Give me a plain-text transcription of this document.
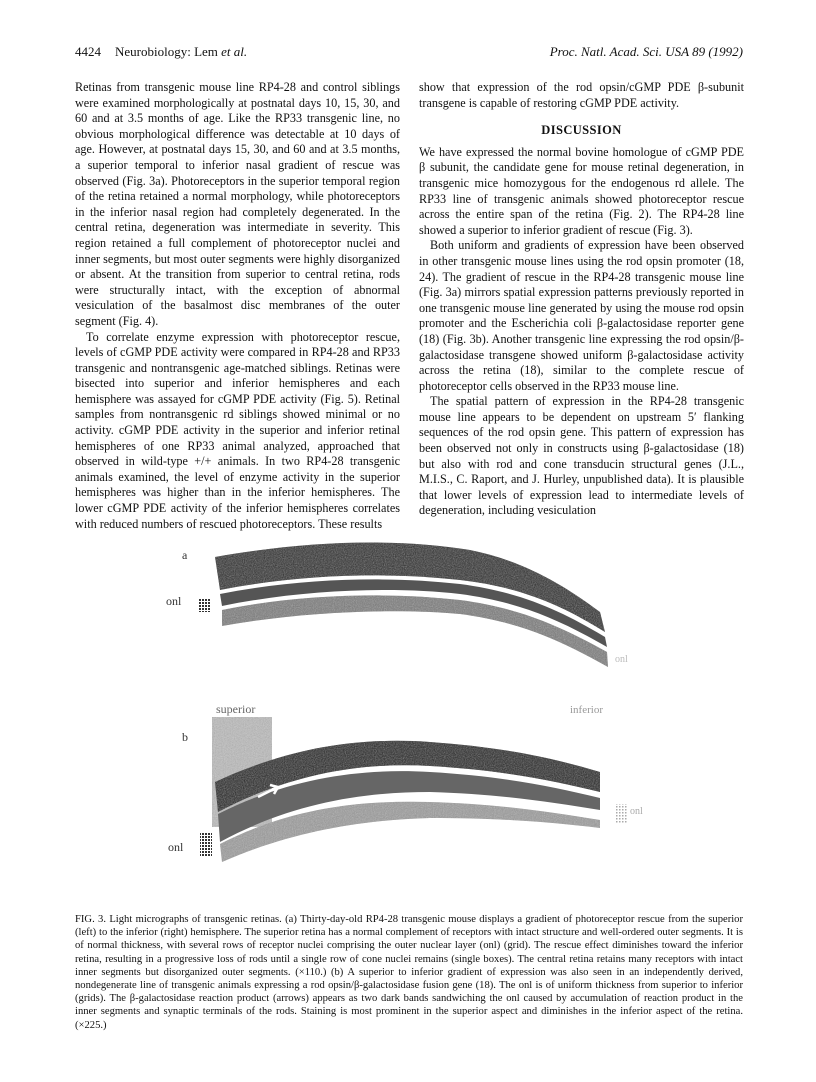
4424 Neurobiology: Lem et al.	Proc. Natl. Acad. Sci. USA 89 (1992)

Retinas from transgenic mouse line RP4-28 and control siblings were examined morphologically at postnatal days 10, 15, 30, and 60 and at 3.5 months of age. Like the RP33 transgenic line, no obvious morphological difference was detectable at 10 days of age. However, at postnatal days 15, 30, and 60 and at 3.5 months, a superior temporal to inferior nasal gradient of rescue was observed (Fig. 3a). Photoreceptors in the superior temporal region of the retina retained a normal morphology, while photoreceptors in the inferior nasal region had completely degenerated. In the central retina, degeneration was intermediate in severity. This region retained a full complement of photoreceptor nuclei and inner segments, but most outer segments were highly disorganized or absent. At the transition from superior to central retina, rods were structurally intact, with the exception of abnormal vesiculation of the basalmost disc membranes of the outer segment (Fig. 4).

To correlate enzyme expression with photoreceptor rescue, levels of cGMP PDE activity were compared in RP4-28 and RP33 transgenic and nontransgenic age-matched siblings. Retinas were bisected into superior and inferior hemispheres and each hemisphere was assayed for cGMP PDE activity (Fig. 5). Retinal samples from nontransgenic rd siblings showed minimal or no activity. cGMP PDE activity in the superior and inferior retinal hemispheres of one RP33 animal analyzed, approached that observed in wild-type +/+ animals. In two RP4-28 transgenic animals examined, the level of enzyme activity in the superior hemispheres was higher than in the inferior hemispheres. The lower cGMP PDE activity of the inferior hemispheres correlates with reduced numbers of rescued photoreceptors. These results

show that expression of the rod opsin/cGMP PDE β-subunit transgene is capable of restoring cGMP PDE activity.

DISCUSSION

We have expressed the normal bovine homologue of cGMP PDE β subunit, the candidate gene for mouse retinal degeneration, in transgenic mice homozygous for the endogenous rd allele. The RP33 line of transgenic animals showed photoreceptor rescue across the entire span of the retina (Fig. 2). The RP4-28 line showed a superior to inferior gradient of rescue (Fig. 3).

Both uniform and gradients of expression have been observed in other transgenic mouse lines using the rod opsin promoter (18, 24). The gradient of rescue in the RP4-28 transgenic mouse line (Fig. 3a) mirrors spatial expression patterns previously reported in one transgenic mouse line generated by using the mouse rod opsin promoter and the Escherichia coli β-galactosidase reporter gene (18) (Fig. 3b). Another transgenic line expressing the rod opsin/β-galactosidase transgene showed uniform β-galactosidase activity across the retina (18), similar to the complete rescue of photoreceptor cells observed in the RP33 mouse line.

The spatial pattern of expression in the RP4-28 transgenic mouse line appears to be dependent on upstream 5′ flanking sequences of the rod opsin gene. This pattern of expression has been observed not only in constructs using β-galactosidase (18) but also with rod and cone transducin structural genes (J.L., M.I.S., C. Raport, and J. Hurley, unpublished data). It is plausible that lower levels of expression lead to intermediate levels of degeneration, including vesiculation

a
onl
onl
superior	inferior
b
onl
onl

FIG. 3. Light micrographs of transgenic retinas. (a) Thirty-day-old RP4-28 transgenic mouse displays a gradient of photoreceptor rescue from the superior (left) to the inferior (right) hemisphere. The superior retina has a normal complement of receptors with intact structure and well-ordered outer segments. It is of normal thickness, with several rows of receptor nuclei comprising the outer nuclear layer (onl) (grid). The rescue effect diminishes toward the inferior retina, resulting in a progressive loss of rods until a single row of cone nuclei remains (single boxes). The central retina retains many receptors with intact inner segments but disorganized outer segments. (×110.) (b) A superior to inferior gradient of expression was also seen in an independently derived, nondegenerate line of transgenic animals expressing a rod opsin/β-galactosidase fusion gene (18). The onl is of uniform thickness from superior to inferior (grids). The β-galactosidase reaction product (arrows) appears as two dark bands sandwiching the onl caused by accumulation of reaction product in the inner segments and synaptic terminals of the rods. Staining is most prominent in the superior aspect and diminishes in the inferior aspect of the retina. (×225.)
